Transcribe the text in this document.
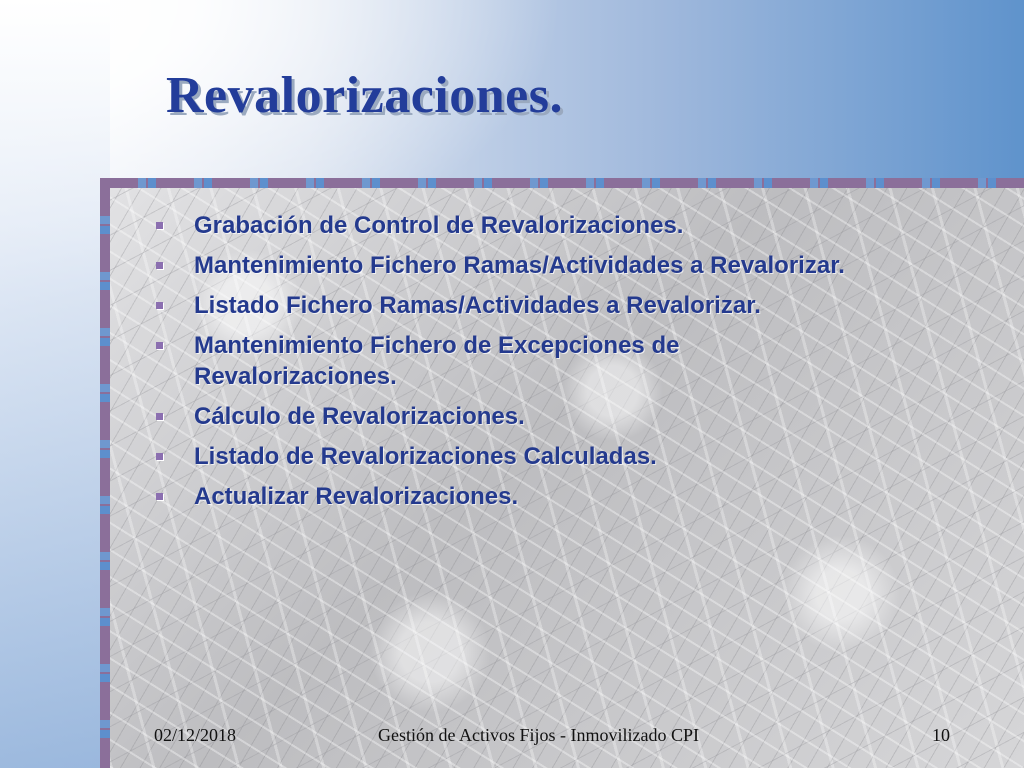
Revalorizaciones.
Grabación de Control de Revalorizaciones.
Mantenimiento Fichero Ramas/Actividades a Revalorizar.
Listado Fichero Ramas/Actividades a Revalorizar.
Mantenimiento Fichero de Excepciones de Revalorizaciones.
Cálculo de Revalorizaciones.
Listado de Revalorizaciones Calculadas.
Actualizar Revalorizaciones.
02/12/2018	Gestión de Activos Fijos - Inmovilizado CPI	10
